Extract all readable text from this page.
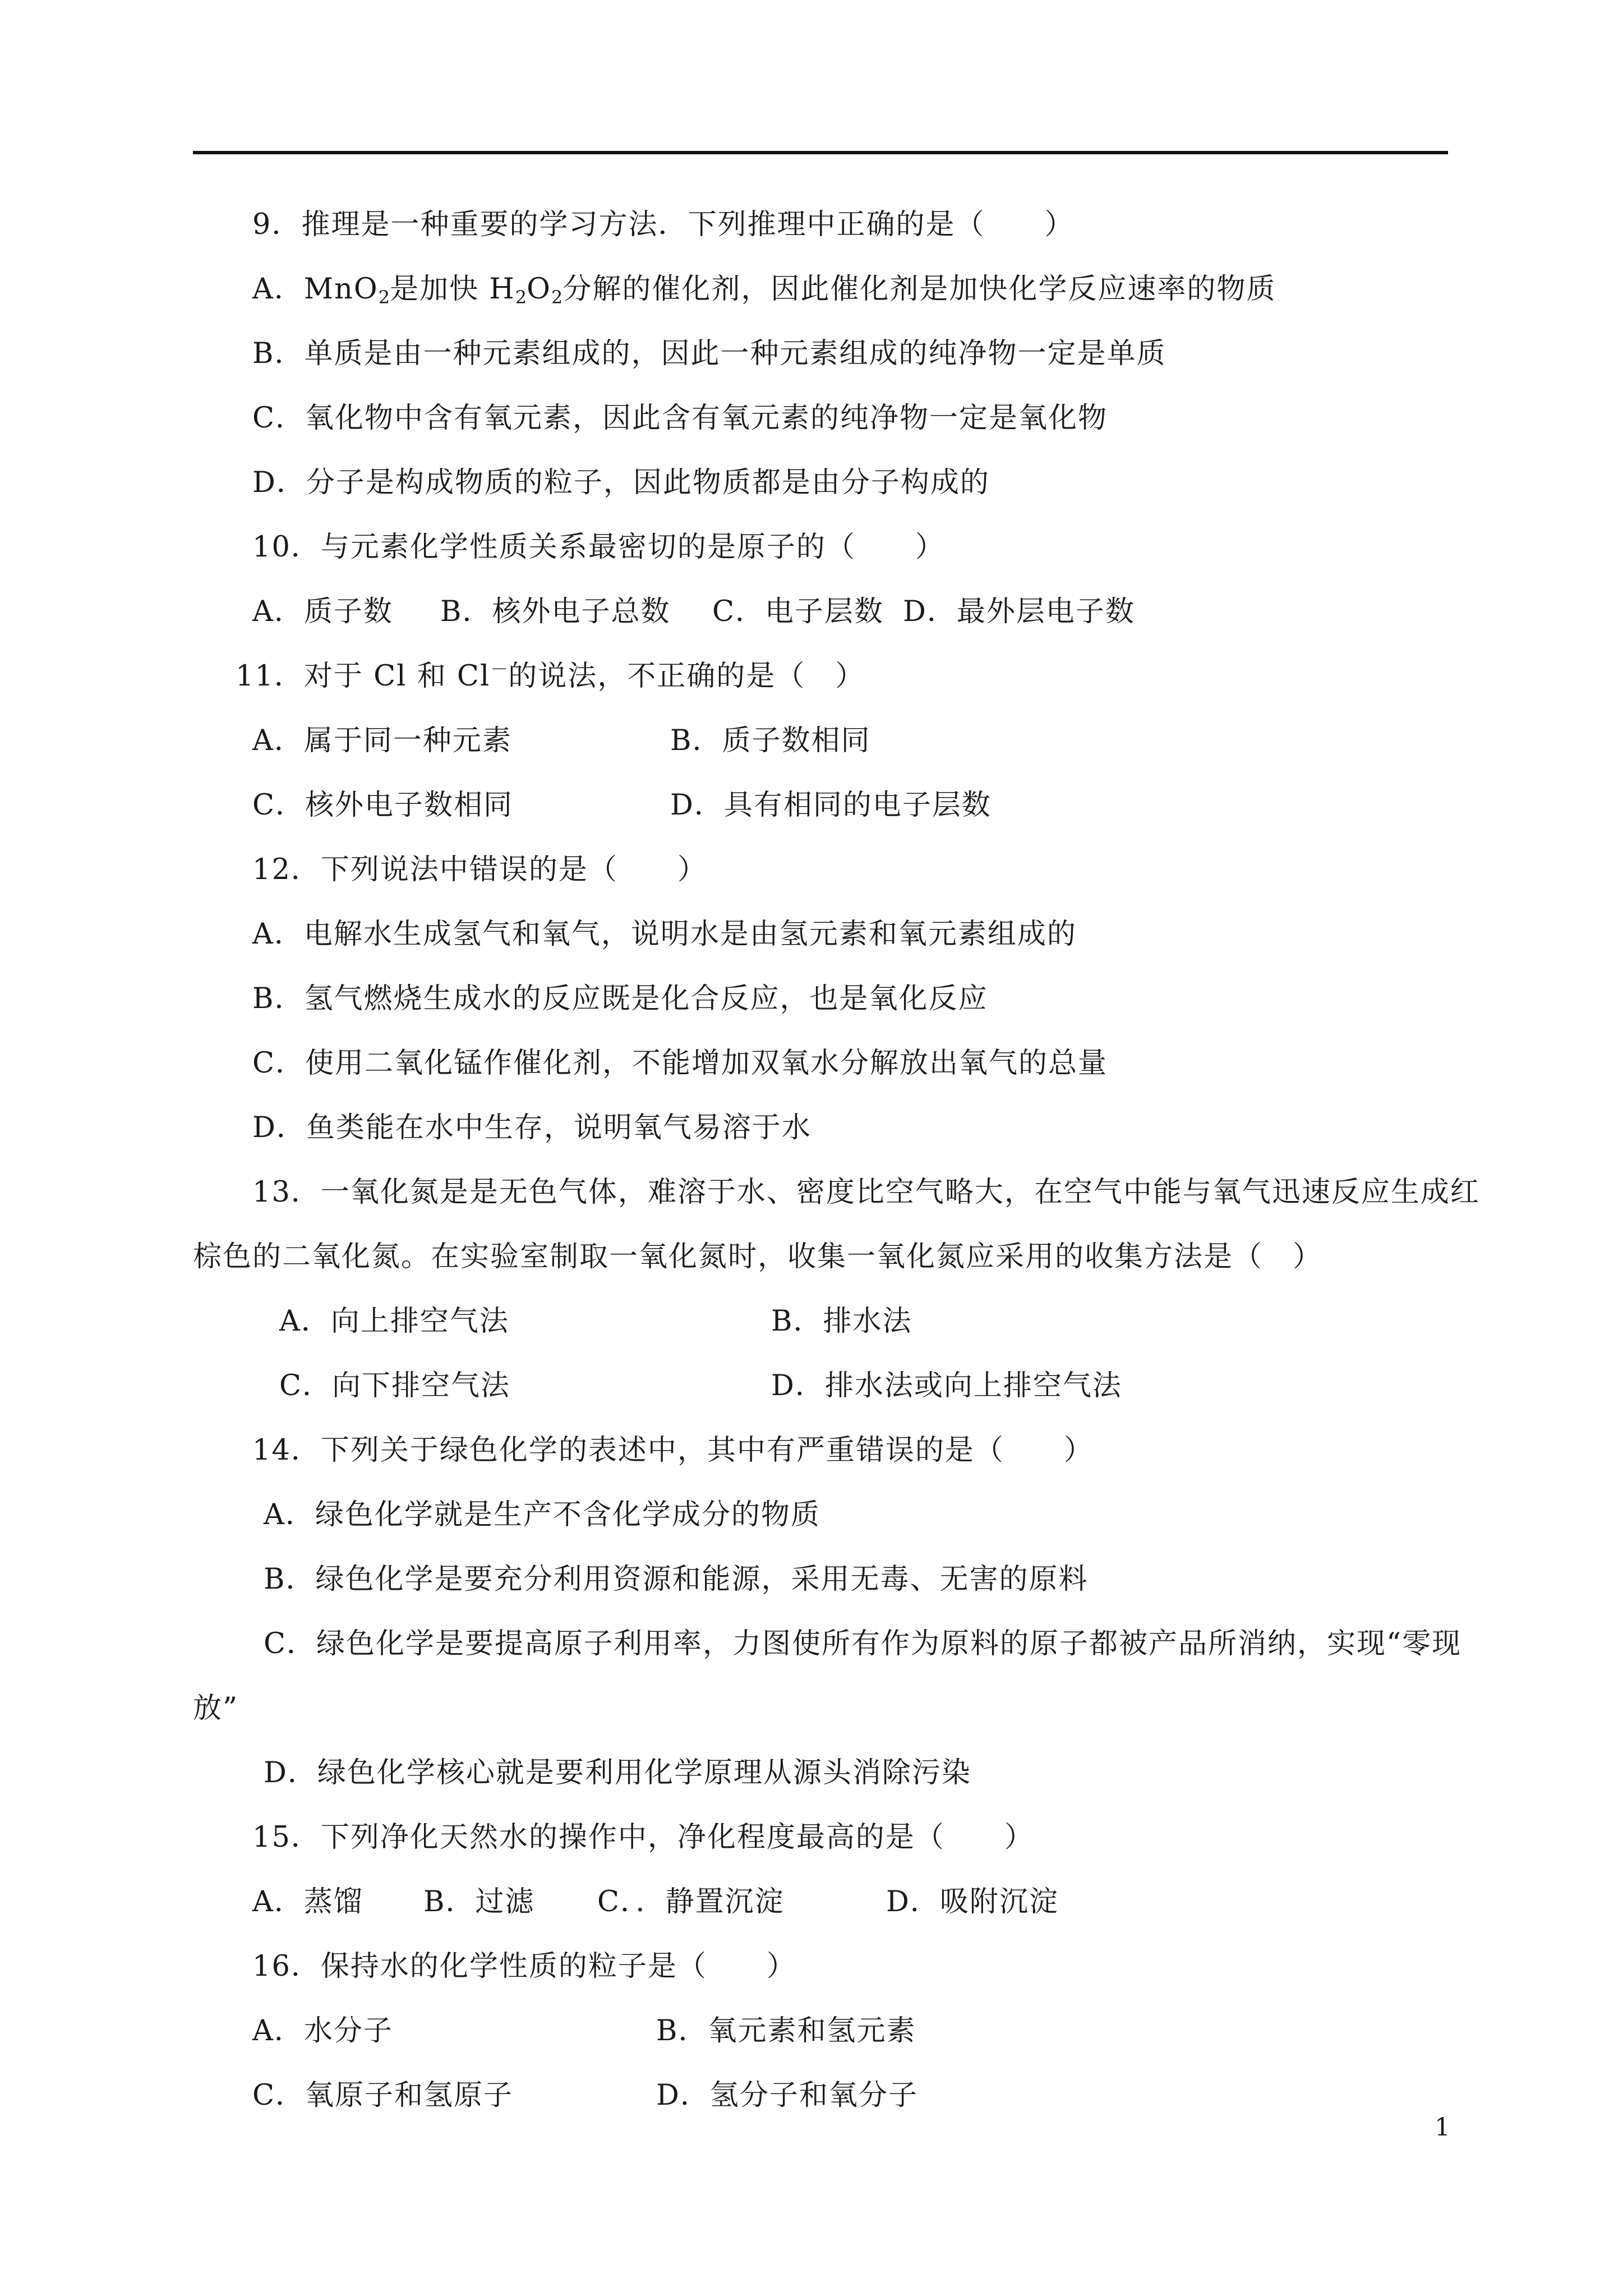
9．推理是一种重要的学习方法．下列推理中正确的是（　　）
A．MnO$_2$是加快 $H_2O_2$分解的催化剂，因此催化剂是加快化学反应速率的物质
B．单质是由一种元素组成的，因此一种元素组成的纯净物一定是单质
C．氧化物中含有氧元素，因此含有氧元素的纯净物一定是氧化物
D．分子是构成物质的粒子，因此物质都是由分子构成的
10．与元素化学性质关系最密切的是原子的（　　）
A．质子数 B．核外电子总数 C．电子层数 D．最外层电子数
11．对于 Cl 和 Cl－的说法，不正确的是（　）
A．属于同一种元素	B．质子数相同
C．核外电子数相同	D．具有相同的电子层数
12．下列说法中错误的是（　　）
A．电解水生成氢气和氧气，说明水是由氢元素和氧元素组成的
B．氢气燃烧生成水的反应既是化合反应，也是氧化反应
C．使用二氧化锰作催化剂，不能增加双氧水分解放出氧气的总量
D．鱼类能在水中生存，说明氧气易溶于水
13．一氧化氮是是无色气体，难溶于水、密度比空气略大，在空气中能与氧气迅速反应生成红
棕色的二氧化氮。在实验室制取一氧化氮时，收集一氧化氮应采用的收集方法是（　）
A．向上排空气法	B．排水法
C．向下排空气法	D．排水法或向上排空气法
14．下列关于绿色化学的表述中，其中有严重错误的是（　　）
A．绿色化学就是生产不含化学成分的物质
B．绿色化学是要充分利用资源和能源，采用无毒、无害的原料
C．绿色化学是要提高原子利用率，力图使所有作为原料的原子都被产品所消纳，实现“零现
放”
D．绿色化学核心就是要利用化学原理从源头消除污染
15．下列净化天然水的操作中，净化程度最高的是（　　）
A．蒸馏 B．过滤 C．．静置沉淀	D．吸附沉淀
16．保持水的化学性质的粒子是（　　）
A．水分子	B．氧元素和氢元素
C．氧原子和氢原子	D．氢分子和氧分子
1
